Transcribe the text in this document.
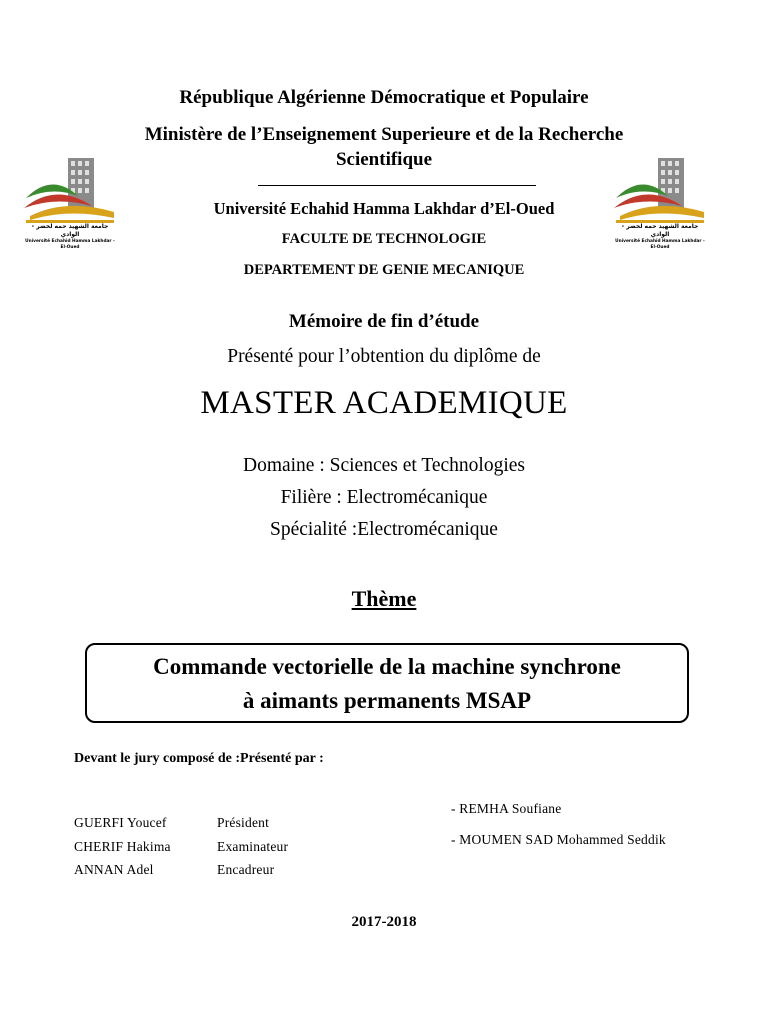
جامعة الشهيد حمه لخضر - الوادي
Université Echahid Hamma Lakhdar - El-Oued
جامعة الشهيد حمه لخضر - الوادي
Université Echahid Hamma Lakhdar - El-Oued
République Algérienne Démocratique et Populaire
Ministère de l’Enseignement Superieure et de la Recherche
Scientifique
Université Echahid Hamma Lakhdar d’El-Oued
FACULTE DE TECHNOLOGIE
DEPARTEMENT DE GENIE MECANIQUE
Mémoire de fin d’étude
Présenté pour l’obtention du diplôme de
MASTER ACADEMIQUE
Domaine : Sciences et Technologies
Filière : Electromécanique
Spécialité :Electromécanique
Thème
Commande vectorielle de la machine synchrone
à aimants permanents MSAP
Devant le jury composé de :Présenté par :
GUERFI Youcef	Président
CHERIF Hakima	Examinateur
ANNAN Adel	Encadreur
- REMHA Soufiane
- MOUMEN SAD Mohammed Seddik
2017-2018
